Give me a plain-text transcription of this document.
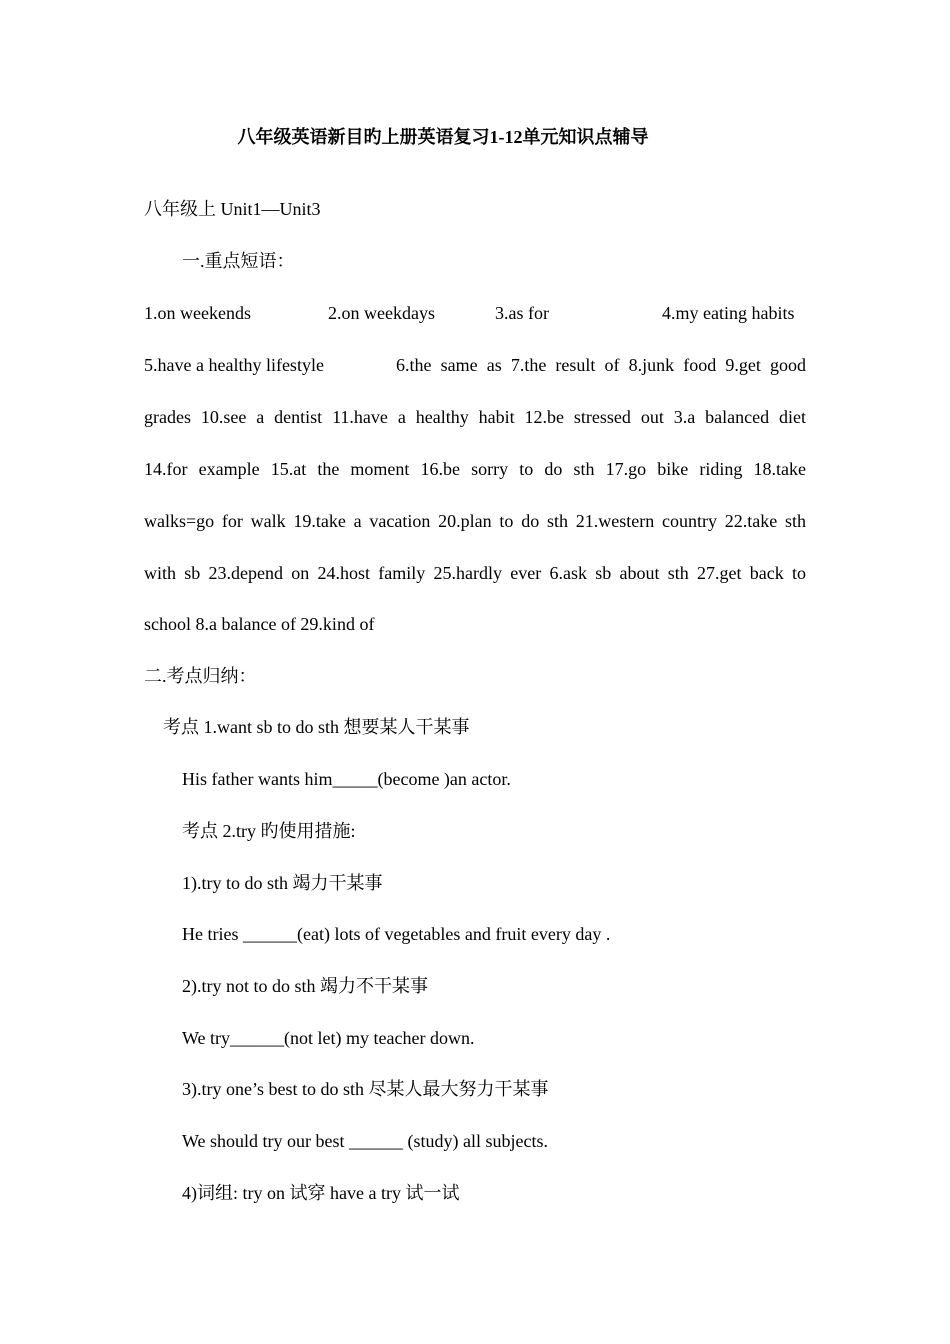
八年级英语新目旳上册英语复习1-12单元知识点辅导
八年级上 Unit1—Unit3
一.重点短语：
1.on weekends	2.on weekdays	3.as for	4.my eating habits
5.have a healthy lifestyle	6.the same as 7.the result of 8.junk food 9.get good
grades 10.see a dentist 11.have a healthy habit 12.be stressed out 3.a balanced diet
14.for example 15.at the moment 16.be sorry to do sth 17.go bike riding 18.take
walks=go for walk 19.take a vacation 20.plan to do sth 21.western country 22.take sth
with sb 23.depend on 24.host family 25.hardly ever 6.ask sb about sth 27.get back to
school 8.a balance of 29.kind of
二.考点归纳：
考点 1.want sb to do sth 想要某人干某事
His father wants him_____(become )an actor.
考点 2.try 旳使用措施:
1).try to do sth 竭力干某事
He tries ______(eat) lots of vegetables and fruit every day .
2).try not to do sth 竭力不干某事
We try______(not let) my teacher down.
3).try one’s best to do sth 尽某人最大努力干某事
We should try our best ______ (study) all subjects.
4)词组: try on 试穿 have a try 试一试
